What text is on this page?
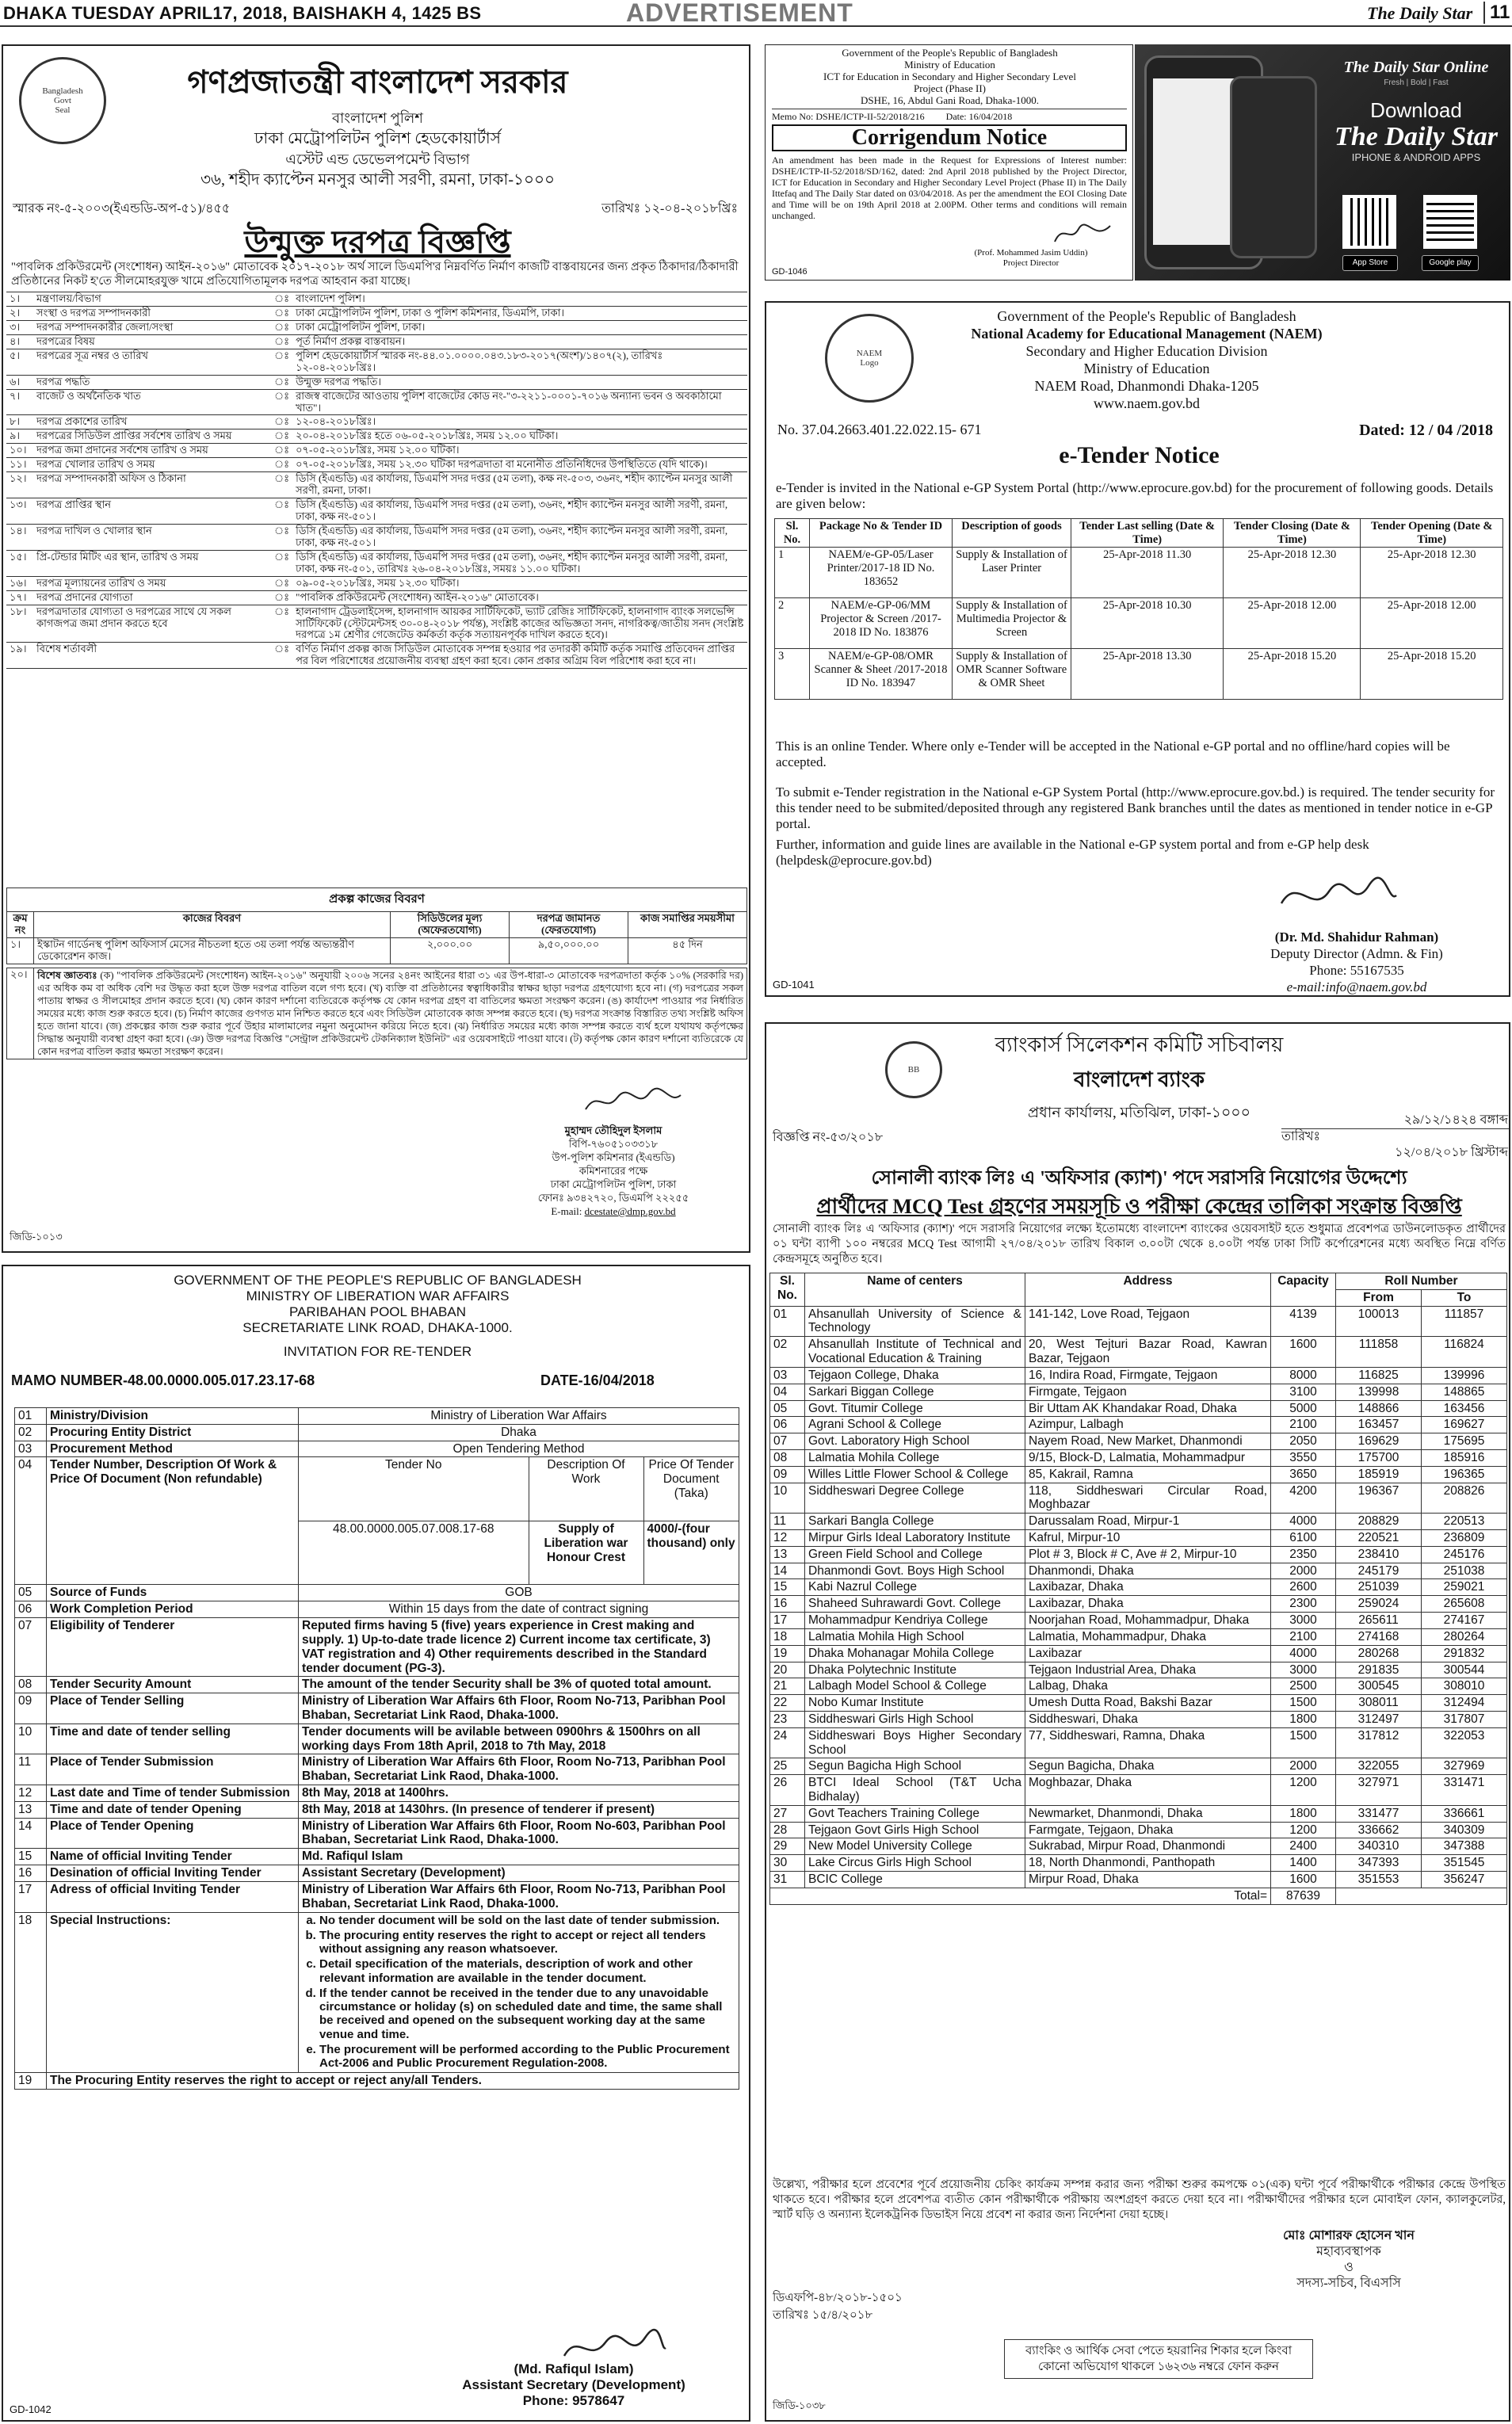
DHAKA TUESDAY APRIL17, 2018, BAISHAKH 4, 1425 BS	ADVERTISEMENT	The Daily Star 11
Bangladesh
Govt
Seal
গণপ্রজাতন্ত্রী বাংলাদেশ সরকার
বাংলাদেশ পুলিশ
ঢাকা মেট্রোপলিটন পুলিশ হেডকোয়ার্টার্স
এস্টেট এন্ড ডেভেলপমেন্ট বিভাগ
৩৬, শহীদ ক্যাপ্টেন মনসুর আলী সরণী, রমনা, ঢাকা-১০০০
স্মারক নং-৫-২০০৩(ইএন্ডডি-অপ-৫১)/৪৫৫	তারিখঃ ১২-০৪-২০১৮খ্রিঃ
উন্মুক্ত দরপত্র বিজ্ঞপ্তি
"পাবলিক প্রকিউরমেন্ট (সংশোধন) আইন-২০১৬" মোতাবেক ২০১৭-২০১৮ অর্থ সালে ডিএমপি'র নিম্নবর্ণিত নির্মাণ কাজটি বাস্তবায়নের জন্য প্রকৃত ঠিকাদার/ঠিকাদারী প্রতিষ্ঠানের নিকট হ'তে সীলমোহরযুক্ত খামে প্রতিযোগিতামূলক দরপত্র আহবান করা যাচ্ছে।
১।	মন্ত্রণালয়/বিভাগ	ঃ	বাংলাদেশ পুলিশ।
২।	সংস্থা ও দরপত্র সম্পাদনকারী	ঃ	ঢাকা মেট্রোপলিটন পুলিশ, ঢাকা ও পুলিশ কমিশনার, ডিএমপি, ঢাকা।
৩।	দরপত্র সম্পাদনকারীর জেলা/সংস্থা	ঃ	ঢাকা মেট্রোপলিটন পুলিশ, ঢাকা।
৪।	দরপত্রের বিষয়	ঃ	পূর্ত নির্মাণ প্রকল্প বাস্তবায়ন।
৫।	দরপত্রের সূত্র নম্বর ও তারিখ	ঃ	পুলিশ হেডকোয়ার্টার্স স্মারক নং-৪৪.০১.০০০০.০৪৩.১৮৩-২০১৭(অংশ)/১৪০৭(২), তারিখঃ ১২-০৪-২০১৮খ্রিঃ।
৬।	দরপত্র পদ্ধতি	ঃ	উন্মুক্ত দরপত্র পদ্ধতি।
৭।	বাজেট ও অর্থনৈতিক খাত	ঃ	রাজস্ব বাজেটের আওতায় পুলিশ বাজেটের কোড নং-"৩-২২১১-০০০১-৭০১৬ অন্যান্য ভবন ও অবকাঠামো খাত"।
৮।	দরপত্র প্রকাশের তারিখ	ঃ	১২-০৪-২০১৮খ্রিঃ।
৯।	দরপত্রের সিডিউল প্রাপ্তির সর্বশেষ তারিখ ও সময়	ঃ	২০-০৪-২০১৮খ্রিঃ হতে ০৬-০৫-২০১৮খ্রিঃ, সময় ১২.০০ ঘটিকা।
১০।	দরপত্র জমা প্রদানের সর্বশেষ তারিখ ও সময়	ঃ	০৭-০৫-২০১৮খ্রিঃ, সময় ১২.০০ ঘটিকা।
১১।	দরপত্র খোলার তারিখ ও সময়	ঃ	০৭-০৫-২০১৮খ্রিঃ, সময় ১২.৩০ ঘটিকা দরপত্রদাতা বা মনোনীত প্রতিনিধিদের উপস্থিতিতে (যদি থাকে)।
১২।	দরপত্র সম্পাদনকারী অফিস ও ঠিকানা	ঃ	ডিসি (ইএন্ডডি) এর কার্যালয়, ডিএমপি সদর দপ্তর (৫ম তলা), কক্ষ নং-৫০৩, ৩৬নং, শহীদ ক্যাপ্টেন মনসুর আলী সরণী, রমনা, ঢাকা।
১৩।	দরপত্র প্রাপ্তির স্থান	ঃ	ডিসি (ইএন্ডডি) এর কার্যালয়, ডিএমপি সদর দপ্তর (৫ম তলা), ৩৬নং, শহীদ ক্যাপ্টেন মনসুর আলী সরণী, রমনা, ঢাকা, কক্ষ নং-৫০১।
১৪।	দরপত্র দাখিল ও খোলার স্থান	ঃ	ডিসি (ইএন্ডডি) এর কার্যালয়, ডিএমপি সদর দপ্তর (৫ম তলা), ৩৬নং, শহীদ ক্যাপ্টেন মনসুর আলী সরণী, রমনা, ঢাকা, কক্ষ নং-৫০১।
১৫।	প্রি-টেন্ডার মিটিং এর স্থান, তারিখ ও সময়	ঃ	ডিসি (ইএন্ডডি) এর কার্যালয়, ডিএমপি সদর দপ্তর (৫ম তলা), ৩৬নং, শহীদ ক্যাপ্টেন মনসুর আলী সরণী, রমনা, ঢাকা, কক্ষ নং-৫০১, তারিখঃ ২৬-০৪-২০১৮খ্রিঃ, সময়ঃ ১১.০০ ঘটিকা।
১৬।	দরপত্র মূল্যায়নের তারিখ ও সময়	ঃ	০৯-০৫-২০১৮খ্রিঃ, সময় ১২.৩০ ঘটিকা।
১৭।	দরপত্র প্রদানের যোগ্যতা	ঃ	"পাবলিক প্রকিউরমেন্ট (সংশোধন) আইন-২০১৬" মোতাবেক।
১৮।	দরপত্রদাতার যোগ্যতা ও দরপত্রের সাথে যে সকল কাগজপত্র জমা প্রদান করতে হবে	ঃ	হালনাগাদ ট্রেডলাইসেন্স, হালনাগাদ আয়কর সার্টিফিকেট, ভ্যাট রেজিঃ সার্টিফিকেট, হালনাগাদ ব্যাংক সলভেন্সি সার্টিফিকেট (স্টেটমেন্টসহ ৩০-০৪-২০১৮ পর্যন্ত), সংশ্লিষ্ট কাজের অভিজ্ঞতা সনদ, নাগরিকত্ব/জাতীয় সনদ (সংশ্লিষ্ট দরপত্রে ১ম শ্রেণীর গেজেটেড কর্মকর্তা কর্তৃক সত্যায়নপূর্বক দাখিল করতে হবে)।
১৯।	বিশেষ শর্তাবলী	ঃ	বর্ণিত নির্মাণ প্রকল্প কাজ সিডিউল মোতাবেক সম্পন্ন হওয়ার পর তদারকী কমিটি কর্তৃক সমাপ্তি প্রতিবেদন প্রাপ্তির পর বিল পরিশোধের প্রয়োজনীয় ব্যবস্থা গ্রহণ করা হবে। কোন প্রকার অগ্রিম বিল পরিশোধ করা হবে না।
প্রকল্প কাজের বিবরণ
ক্রম নং	কাজের বিবরণ	সিডিউলের মূল্য (অফেরতযোগ্য)	দরপত্র জামানত (ফেরতযোগ্য)	কাজ সমাপ্তির সময়সীমা
১।	ইস্কাটন গার্ডেনস্থ পুলিশ অফিসার্স মেসের নীচতলা হতে ৩য় তলা পর্যন্ত অভ্যন্তরীণ ডেকোরেশন কাজ।	২,০০০.০০	৯,৫০,০০০.০০	৪৫ দিন
২০।	বিশেষ জ্ঞাতব্যঃ (ক) "পাবলিক প্রকিউরমেন্ট (সংশোধন) আইন-২০১৬" অনুযায়ী ২০০৬ সনের ২৪নং আইনের ধারা ৩১ এর উপ-ধারা-৩ মোতাবেক দরপত্রদাতা কর্তৃক ১০% (সরকারি দর) এর অধিক কম বা অধিক বেশি দর উদ্ধৃত করা হলে উক্ত দরপত্র বাতিল বলে গণ্য হবে। (খ) ব্যক্তি বা প্রতিষ্ঠানের স্বত্বাধিকারীর স্বাক্ষর ছাড়া দরপত্র গ্রহণযোগ্য হবে না। (গ) দরপত্রের সকল পাতায় স্বাক্ষর ও সীলমোহর প্রদান করতে হবে। (ঘ) কোন কারণ দর্শানো ব্যতিরেকে কর্তৃপক্ষ যে কোন দরপত্র গ্রহণ বা বাতিলের ক্ষমতা সংরক্ষণ করেন। (ঙ) কার্যাদেশ পাওয়ার পর নির্ধারিত সময়ের মধ্যে কাজ শুরু করতে হবে। (চ) নির্মাণ কাজের গুণগত মান নিশ্চিত করতে হবে এবং সিডিউল মোতাবেক কাজ সম্পন্ন করতে হবে। (ছ) দরপত্র সংক্রান্ত বিস্তারিত তথ্য সংশ্লিষ্ট অফিস হতে জানা যাবে। (জ) প্রকল্পের কাজ শুরু করার পূর্বে উহার মালামালের নমুনা অনুমোদন করিয়ে নিতে হবে। (ঝ) নির্ধারিত সময়ের মধ্যে কাজ সম্পন্ন করতে ব্যর্থ হলে যথাযথ কর্তৃপক্ষের সিদ্ধান্ত অনুযায়ী ব্যবস্থা গ্রহণ করা হবে। (ঞ) উক্ত দরপত্র বিজ্ঞপ্তি "সেন্ট্রাল প্রকিউরমেন্ট টেকনিক্যাল ইউনিট" এর ওয়েবসাইটে পাওয়া যাবে। (ট) কর্তৃপক্ষ কোন কারণ দর্শানো ব্যতিরেকে যে কোন দরপত্র বাতিল করার ক্ষমতা সংরক্ষণ করেন।
মুহাম্মদ তৌহিদুল ইসলাম
বিপি-৭৬০৫১০৩৩১৮
উপ-পুলিশ কমিশনার (ইএন্ডডি)
কমিশনারের পক্ষে
ঢাকা মেট্রোপলিটন পুলিশ, ঢাকা
ফোনঃ ৯৩৪২৭২০, ডিএমপি ২২২৫৫
E-mail: dcestate@dmp.gov.bd
জিডি-১০১৩
Government of the People's Republic of Bangladesh
Ministry of Education
ICT for Education in Secondary and Higher Secondary Level
Project (Phase II)
DSHE, 16, Abdul Gani Road, Dhaka-1000.
Memo No: DSHE/ICTP-II-52/2018/216 Date: 16/04/2018
Corrigendum Notice
An amendment has been made in the Request for Expressions of Interest number: DSHE/ICTP-II-52/2018/SD/162, dated: 2nd April 2018 published by the Project Director, ICT for Education in Secondary and Higher Secondary Level Project (Phase II) in The Daily Ittefaq and The Daily Star dated on 03/04/2018. As per the amendment the EOI Closing Date and Time will be on 19th April 2018 at 2.00PM. Other terms and conditions will remain unchanged.
(Prof. Mohammed Jasim Uddin)
Project Director
GD-1046
The Daily Star Online
Fresh | Bold | Fast
Download
The Daily Star
IPHONE & ANDROID APPS
App Store	Google play
NAEM
Logo
Government of the People's Republic of Bangladesh
National Academy for Educational Management (NAEM)
Secondary and Higher Education Division
Ministry of Education
NAEM Road, Dhanmondi Dhaka-1205
www.naem.gov.bd
No. 37.04.2663.401.22.022.15- 671	Dated: 12 / 04 /2018
e-Tender Notice
e-Tender is invited in the National e-GP System Portal (http://www.eprocure.gov.bd) for the procurement of following goods. Details are given below:
Sl. No.	Package No & Tender ID	Description of goods	Tender Last selling (Date & Time)	Tender Closing (Date & Time)	Tender Opening (Date & Time)
1	NAEM/e-GP-05/Laser Printer/2017-18 ID No. 183652	Supply & Installation of Laser Printer	25-Apr-2018 11.30	25-Apr-2018 12.30	25-Apr-2018 12.30
2	NAEM/e-GP-06/MM Projector & Screen /2017-2018 ID No. 183876	Supply & Installation of Multimedia Projector & Screen	25-Apr-2018 10.30	25-Apr-2018 12.00	25-Apr-2018 12.00
3	NAEM/e-GP-08/OMR Scanner & Sheet /2017-2018 ID No. 183947	Supply & Installation of OMR Scanner Software & OMR Sheet	25-Apr-2018 13.30	25-Apr-2018 15.20	25-Apr-2018 15.20

This is an online Tender. Where only e-Tender will be accepted in the National e-GP portal and no offline/hard copies will be accepted.

To submit e-Tender registration in the National e-GP System Portal (http://www.eprocure.gov.bd.) is required. The tender security for this tender need to be submited/deposited through any registered Bank branches until the dates as mentioned in tender notice in e-GP portal.

Further, information and guide lines are available in the National e-GP system portal and from e-GP help desk (helpdesk@eprocure.gov.bd)

(Dr. Md. Shahidur Rahman)
Deputy Director (Admn. & Fin)
Phone: 55167535
e-mail:info@naem.gov.bd
GD-1041
GOVERNMENT OF THE PEOPLE'S REPUBLIC OF BANGLADESH
MINISTRY OF LIBERATION WAR AFFAIRS
PARIBAHAN POOL BHABAN
SECRETARIATE LINK ROAD, DHAKA-1000.
INVITATION FOR RE-TENDER
MAMO NUMBER-48.00.0000.005.017.23.17-68	DATE-16/04/2018
01	Ministry/Division	Ministry of Liberation War Affairs
02	Procuring Entity District	Dhaka
03	Procurement Method	Open Tendering Method
04	Tender Number, Description Of Work & Price Of Document (Non refundable)	
Tender No	Description Of Work	Price Of Tender Document (Taka)
48.00.0000.005.07.008.17-68	Supply of Liberation war Honour Crest	4000/-(four thousand) only

05	Source of Funds	GOB
06	Work Completion Period	Within 15 days from the date of contract signing
07	Eligibility of Tenderer	Reputed firms having 5 (five) years experience in Crest making and supply. 1) Up-to-date trade licence 2) Current income tax certificate, 3) VAT registration and 4) Other requirements described in the Standard tender document (PG-3).
08	Tender Security Amount	The amount of the tender Security shall be 3% of quoted total amount.
09	Place of Tender Selling	Ministry of Liberation War Affairs 6th Floor, Room No-713, Paribhan Pool Bhaban, Secretariat Link Raod, Dhaka-1000.
10	Time and date of tender selling	Tender documents will be avilable between 0900hrs & 1500hrs on all working days From 18th April, 2018 to 7th May, 2018
11	Place of Tender Submission	Ministry of Liberation War Affairs 6th Floor, Room No-713, Paribhan Pool Bhaban, Secretariat Link Raod, Dhaka-1000.
12	Last date and Time of tender Submission	8th May, 2018 at 1400hrs.
13	Time and date of tender Opening	8th May, 2018 at 1430hrs. (In presence of tenderer if present)
14	Place of Tender Opening	Ministry of Liberation War Affairs 6th Floor, Room No-603, Paribhan Pool Bhaban, Secretariat Link Raod, Dhaka-1000.
15	Name of official Inviting Tender	Md. Rafiqul Islam
16	Desination of official Inviting Tender	Assistant Secretary (Development)
17	Adress of official Inviting Tender	Ministry of Liberation War Affairs 6th Floor, Room No-713, Paribhan Pool Bhaban, Secretariat Link Raod, Dhaka-1000.
18	Special Instructions:	
a.No tender document will be sold on the last date of tender submission.
b. The procuring entity reserves the right to accept or reject all tenders without assigning any reason whatsoever.
c. Detail specification of the materials, description of work and other relevant information are available in the tender document.
d. If the tender cannot be received in the tender due to any unavoidable circumstance or holiday (s) on scheduled date and time, the same shall be received and opened on the subsequent working day at the same venue and time.
e. The procurement will be performed according to the Public Procurement Act-2006 and Public Procurement Regulation-2008.

19	The Procuring Entity reserves the right to accept or reject any/all Tenders.
(Md. Rafiqul Islam)
Assistant Secretary (Development)
Phone: 9578647
GD-1042
BB
ব্যাংকার্স সিলেকশন কমিটি সচিবালয়
বাংলাদেশ ব্যাংক
প্রধান কার্যালয়, মতিঝিল, ঢাকা-১০০০
বিজ্ঞপ্তি নং-৫৩/২০১৮
২৯/১২/১৪২৪ বঙ্গাব্দ
তারিখঃ
১২/০৪/২০১৮ খ্রিস্টাব্দ
সোনালী ব্যাংক লিঃ এ 'অফিসার (ক্যাশ)' পদে সরাসরি নিয়োগের উদ্দেশ্যে
প্রার্থীদের MCQ Test গ্রহণের সময়সূচি ও পরীক্ষা কেন্দ্রের তালিকা সংক্রান্ত বিজ্ঞপ্তি
সোনালী ব্যাংক লিঃ এ 'অফিসার (ক্যাশ)' পদে সরাসরি নিয়োগের লক্ষ্যে ইতোমধ্যে বাংলাদেশ ব্যাংকের ওয়েবসাইট হতে শুধুমাত্র প্রবেশপত্র ডাউনলোডকৃত প্রার্থীদের ০১ ঘন্টা ব্যাপী ১০০ নম্বরের MCQ Test আগামী ২৭/০৪/২০১৮ তারিখ বিকাল ৩.০০টা থেকে ৪.০০টা পর্যন্ত ঢাকা সিটি কর্পোরেশনের মধ্যে অবস্থিত নিম্নে বর্ণিত কেন্দ্রসমূহে অনুষ্ঠিত হবে।
Sl. No.	Name of centers	Address	Capacity	Roll Number	
				From	To
01	Ahsanullah University of Science & Technology	141-142, Love Road, Tejgaon	4139	100013	111857
02	Ahsanullah Institute of Technical and Vocational Education & Training	20, West Tejturi Bazar Road, Kawran Bazar, Tejgaon	1600	111858	116824
03	Tejgaon College, Dhaka	16, Indira Road, Firmgate, Tejgaon	8000	116825	139996
04	Sarkari Biggan College	Firmgate, Tejgaon	3100	139998	148865
05	Govt. Titumir College	Bir Uttam AK Khandakar Road, Dhaka	5000	148866	163456
06	Agrani School & College	Azimpur, Lalbagh	2100	163457	169627
07	Govt. Laboratory High School	Nayem Road, New Market, Dhanmondi	2050	169629	175695
08	Lalmatia Mohila College	9/15, Block-D, Lalmatia, Mohammadpur	3550	175700	185916
09	Willes Little Flower School & College	85, Kakrail, Ramna	3650	185919	196365
10	Siddheswari Degree College	118, Siddheswari Circular Road, Moghbazar	4200	196367	208826
11	Sarkari Bangla College	Darussalam Road, Mirpur-1	4000	208829	220513
12	Mirpur Girls Ideal Laboratory Institute	Kafrul, Mirpur-10	6100	220521	236809
13	Green Field School and College	Plot # 3, Block # C, Ave # 2, Mirpur-10	2350	238410	245176
14	Dhanmondi Govt. Boys High School	Dhanmondi, Dhaka	2000	245179	251038
15	Kabi Nazrul College	Laxibazar, Dhaka	2600	251039	259021
16	Shaheed Suhrawardi Govt. College	Laxibazar, Dhaka	2300	259024	265608
17	Mohammadpur Kendriya College	Noorjahan Road, Mohammadpur, Dhaka	3000	265611	274167
18	Lalmatia Mohila High School	Lalmatia, Mohammadpur, Dhaka	2100	274168	280264
19	Dhaka Mohanagar Mohila College	Laxibazar	4000	280268	291832
20	Dhaka Polytechnic Institute	Tejgaon Industrial Area, Dhaka	3000	291835	300544
21	Lalbagh Model School & College	Lalbag, Dhaka	2500	300545	308010
22	Nobo Kumar Institute	Umesh Dutta Road, Bakshi Bazar	1500	308011	312494
23	Siddheswari Girls High School	Siddheswari, Dhaka	1800	312497	317807
24	Siddheswari Boys Higher Secondary School	77, Siddheswari, Ramna, Dhaka	1500	317812	322053
25	Segun Bagicha High School	Segun Bagicha, Dhaka	2000	322055	327969
26	BTCI Ideal School (T&T Ucha Bidhalay)	Moghbazar, Dhaka	1200	327971	331471
27	Govt Teachers Training College	Newmarket, Dhanmondi, Dhaka	1800	331477	336661
28	Tejgaon Govt Girls High School	Farmgate, Tejgaon, Dhaka	1200	336662	340309
29	New Model University College	Sukrabad, Mirpur Road, Dhanmondi	2400	340310	347388
30	Lake Circus Girls High School	18, North Dhanmondi, Panthopath	1400	347393	351545
31	BCIC College	Mirpur Road, Dhaka	1600	351553	356247
Total=			87639		
উল্লেখ্য, পরীক্ষার হলে প্রবেশের পূর্বে প্রয়োজনীয় চেকিং কার্যক্রম সম্পন্ন করার জন্য পরীক্ষা শুরুর কমপক্ষে ০১(এক) ঘন্টা পূর্বে পরীক্ষার্থীকে পরীক্ষার কেন্দ্রে উপস্থিত থাকতে হবে। পরীক্ষার হলে প্রবেশপত্র ব্যতীত কোন পরীক্ষার্থীকে পরীক্ষায় অংশগ্রহণ করতে দেয়া হবে না। পরীক্ষার্থীদের পরীক্ষার হলে মোবাইল ফোন, ক্যালকুলেটর, স্মার্ট ঘড়ি ও অন্যান্য ইলেকট্রনিক ডিভাইস নিয়ে প্রবেশ না করার জন্য নির্দেশনা দেয়া হচ্ছে।
মোঃ মোশারফ হোসেন খান
মহাব্যবস্থাপক
ও
সদস্য-সচিব, বিএসসি
ডিএফপি-৪৮/২০১৮-১৫০১
তারিখঃ ১৫/৪/২০১৮
ব্যাংকিং ও আর্থিক সেবা পেতে হয়রানির শিকার হলে কিংবা কোনো অভিযোগ থাকলে ১৬২৩৬ নম্বরে ফোন করুন
জিডি-১০৩৮
